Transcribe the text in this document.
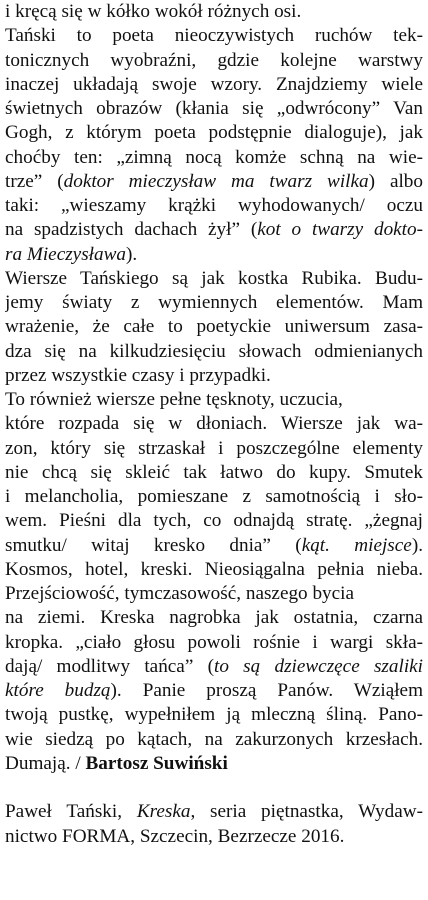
i kręcą się w kółko wokół różnych osi.
Tański to poeta nieoczywistych ruchów tek-
tonicznych wyobraźni, gdzie kolejne warstwy
inaczej układają swoje wzory. Znajdziemy wiele
świetnych obrazów (kłania się „odwrócony” Van
Gogh, z którym poeta podstępnie dialoguje), jak
choćby ten: „zimną nocą komże schną na wie-
trze” (doktor mieczysław ma twarz wilka) albo
taki: „wieszamy krążki wyhodowanych/ oczu
na spadzistych dachach żył” (kot o twarzy dokto-
ra Mieczysława).
Wiersze Tańskiego są jak kostka Rubika. Budu-
jemy światy z wymiennych elementów. Mam
wrażenie, że całe to poetyckie uniwersum zasa-
dza się na kilkudziesięciu słowach odmienianych
przez wszystkie czasy i przypadki.
To również wiersze pełne tęsknoty, uczucia,
które rozpada się w dłoniach. Wiersze jak wa-
zon, który się strzaskał i poszczególne elementy
nie chcą się skleić tak łatwo do kupy. Smutek
i melancholia, pomieszane z samotnością i sło-
wem. Pieśni dla tych, co odnajdą stratę. „żegnaj
smutku/ witaj kresko dnia” (kąt. miejsce).
Kosmos, hotel, kreski. Nieosiągalna pełnia nieba.
Przejściowość, tymczasowość, naszego bycia
na ziemi. Kreska nagrobka jak ostatnia, czarna
kropka. „ciało głosu powoli rośnie i wargi skła-
dają/ modlitwy tańca” (to są dziewczęce szaliki
które budzą). Panie proszą Panów. Wziąłem
twoją pustkę, wypełniłem ją mleczną śliną. Pano-
wie siedzą po kątach, na zakurzonych krzesłach.
Dumają. / Bartosz Suwiński
Paweł Tański, Kreska, seria piętnastka, Wydaw-
nictwo FORMA, Szczecin, Bezrzecze 2016.
